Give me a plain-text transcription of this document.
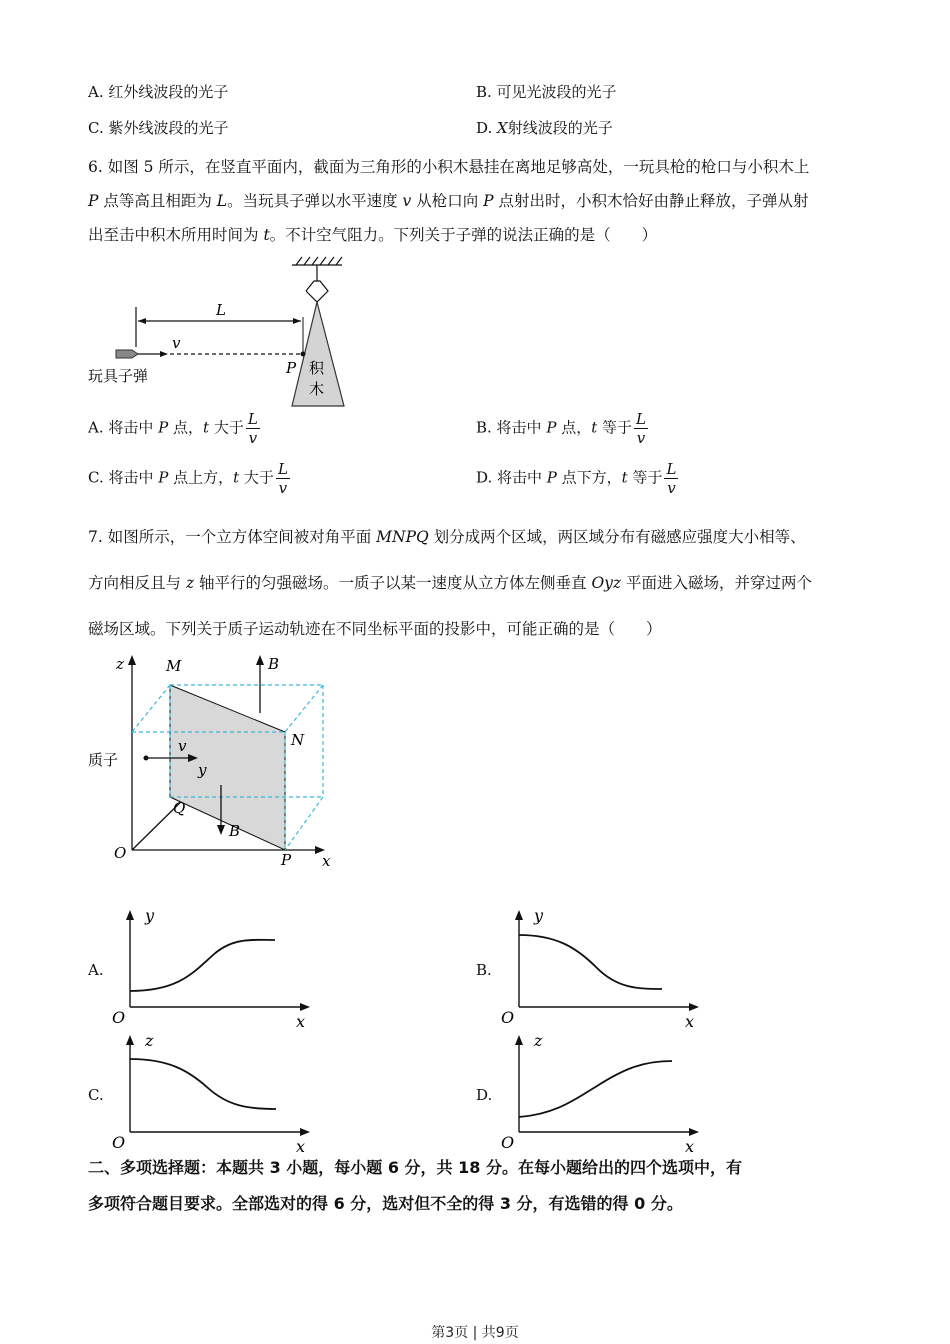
A. 红外线波段的光子	B. 可见光波段的光子
C. 紫外线波段的光子	D. X射线波段的光子

6. 如图 5 所示，在竖直平面内，截面为三角形的小积木悬挂在离地足够高处，一玩具枪的枪口与小积木上

P 点等高且相距为 L。当玩具子弹以水平速度 v 从枪口向 P 点射出时，小积木恰好由静止释放，子弹从射

出至击中积木所用时间为 t。不计空气阻力。下列关于子弹的说法正确的是（　　）

积
木
L
v
P
玩具子弹
A. 将击中 P 点，t 大于 $\frac{L}{v}$	B. 将击中 P 点，t 等于 $\frac{L}{v}$
C. 将击中 P 点上方，t 大于 $\frac{L}{v}$	D. 将击中 P 点下方，t 等于 $\frac{L}{v}$

7. 如图所示，一个立方体空间被对角平面 MNPQ 划分成两个区域，两区域分布有磁感应强度大小相等、

方向相反且与 z 轴平行的匀强磁场。一质子以某一速度从立方体左侧垂直 Oyz 平面进入磁场，并穿过两个

磁场区域。下列关于质子运动轨迹在不同坐标平面的投影中，可能正确的是（　　）

z	M	B
N
v
y
Q
B
O	P x
质子
A.
y
x
O
B.
y
x
O
C.
z
x
O
D.
z
x
O

二、多项选择题：本题共 3 小题，每小题 6 分，共 18 分。在每小题给出的四个选项中，有

多项符合题目要求。全部选对的得 6 分，选对但不全的得 3 分，有选错的得 0 分。

第3页 | 共9页
